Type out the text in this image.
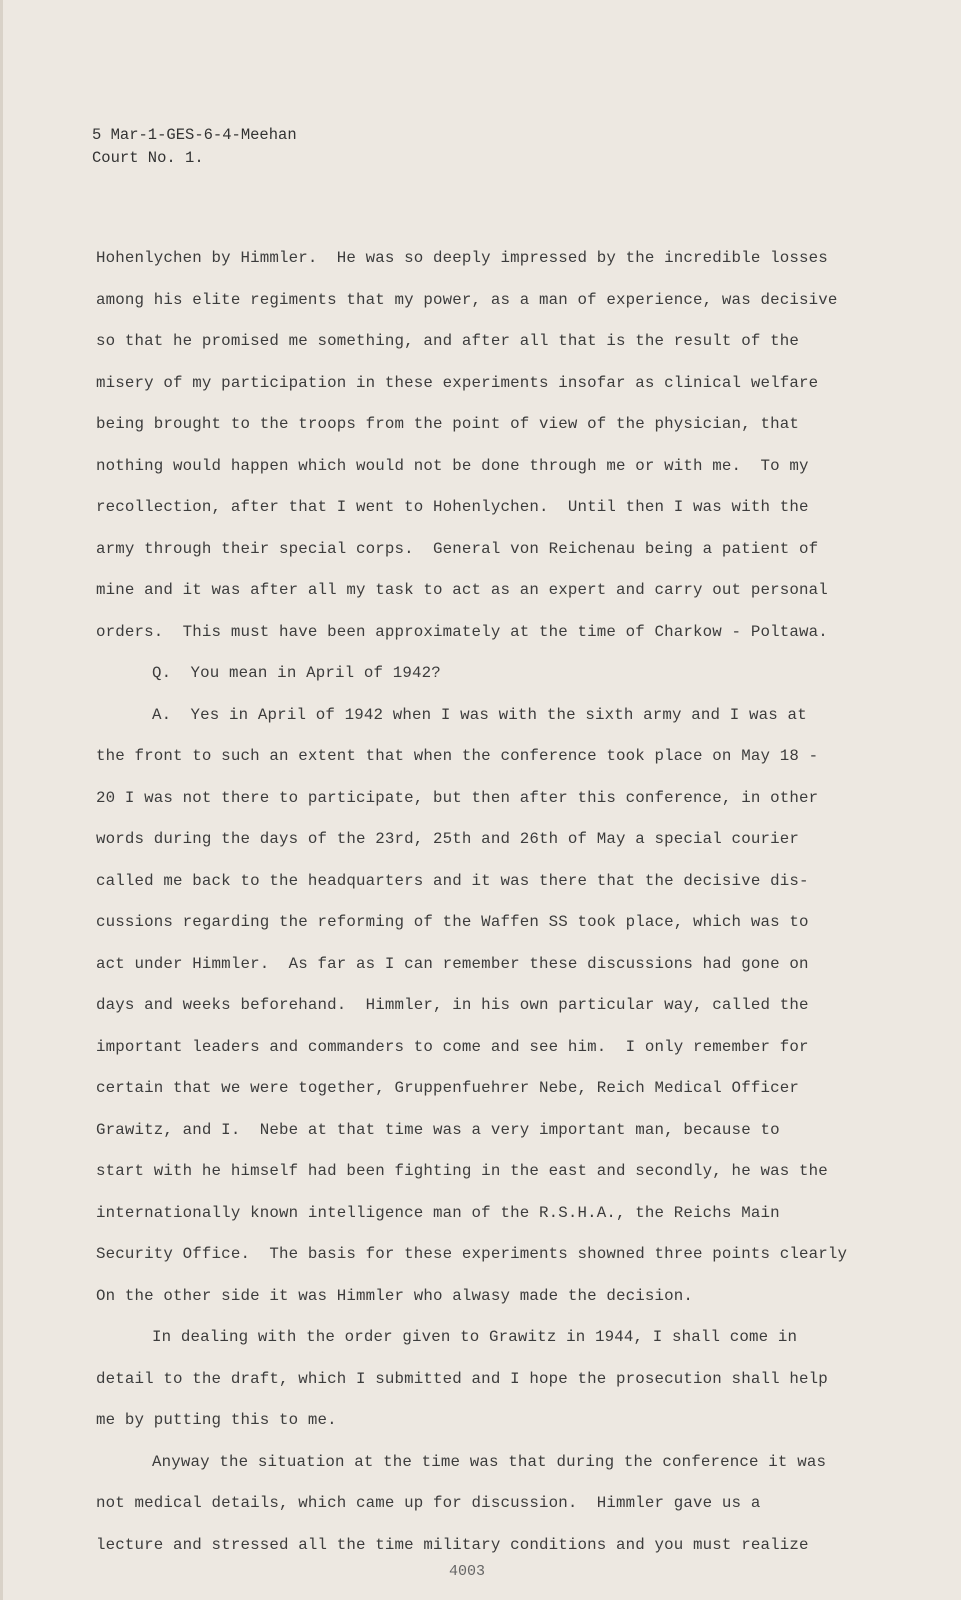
5 Mar-1-GES-6-4-Meehan
Court No. 1.
Hohenlychen by Himmler.  He was so deeply impressed by the incredible losses
among his elite regiments that my power, as a man of experience, was decisive
so that he promised me something, and after all that is the result of the
misery of my participation in these experiments insofar as clinical welfare
being brought to the troops from the point of view of the physician, that
nothing would happen which would not be done through me or with me.  To my
recollection, after that I went to Hohenlychen.  Until then I was with the
army through their special corps.  General von Reichenau being a patient of
mine and it was after all my task to act as an expert and carry out personal
orders.  This must have been approximately at the time of Charkow - Poltawa.
Q.  You mean in April of 1942?
A.  Yes in April of 1942 when I was with the sixth army and I was at
the front to such an extent that when the conference took place on May 18 -
20 I was not there to participate, but then after this conference, in other
words during the days of the 23rd, 25th and 26th of May a special courier
called me back to the headquarters and it was there that the decisive dis-
cussions regarding the reforming of the Waffen SS took place, which was to
act under Himmler.  As far as I can remember these discussions had gone on
days and weeks beforehand.  Himmler, in his own particular way, called the
important leaders and commanders to come and see him.  I only remember for
certain that we were together, Gruppenfuehrer Nebe, Reich Medical Officer
Grawitz, and I.  Nebe at that time was a very important man, because to
start with he himself had been fighting in the east and secondly, he was the
internationally known intelligence man of the R.S.H.A., the Reichs Main
Security Office.  The basis for these experiments showned three points clearly
On the other side it was Himmler who alwasy made the decision.
In dealing with the order given to Grawitz in 1944, I shall come in
detail to the draft, which I submitted and I hope the prosecution shall help
me by putting this to me.
Anyway the situation at the time was that during the conference it was
not medical details, which came up for discussion.  Himmler gave us a
lecture and stressed all the time military conditions and you must realize
4003
